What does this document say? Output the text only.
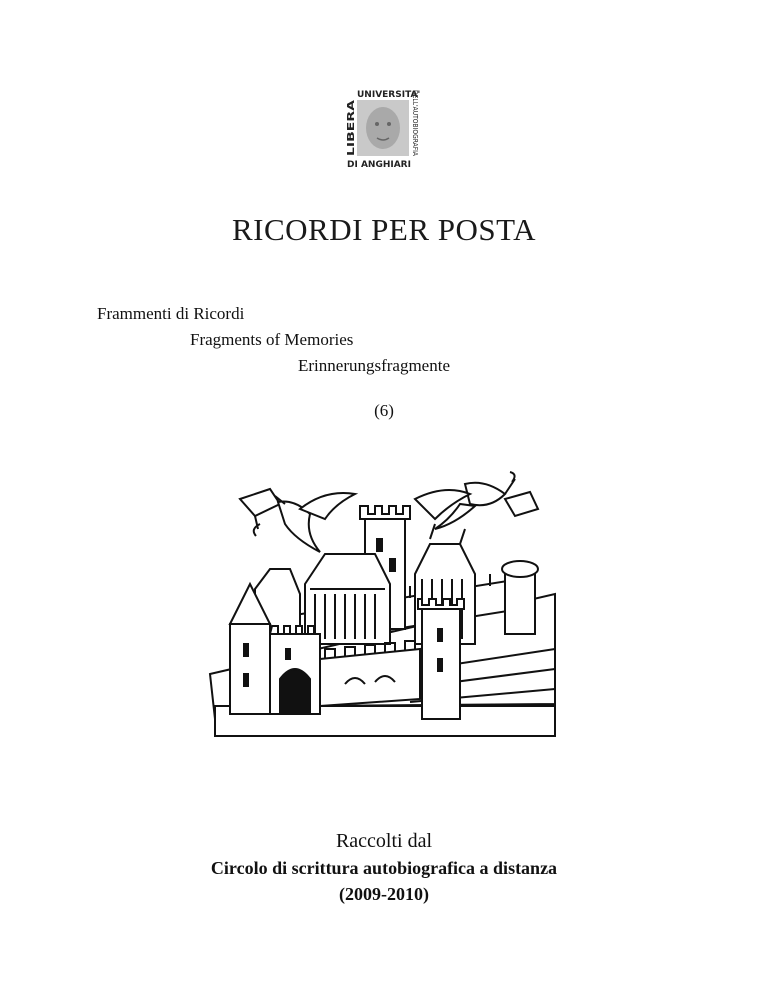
UNIVERSITA'
LIBERA	DELL'AUTOBIOGRAFIA
DI ANGHIARI
RICORDI PER POSTA
Frammenti di Ricordi
Fragments of Memories
Erinnerungsfragmente
(6)
Raccolti dal
Circolo di scrittura autobiografica a distanza
(2009-2010)
